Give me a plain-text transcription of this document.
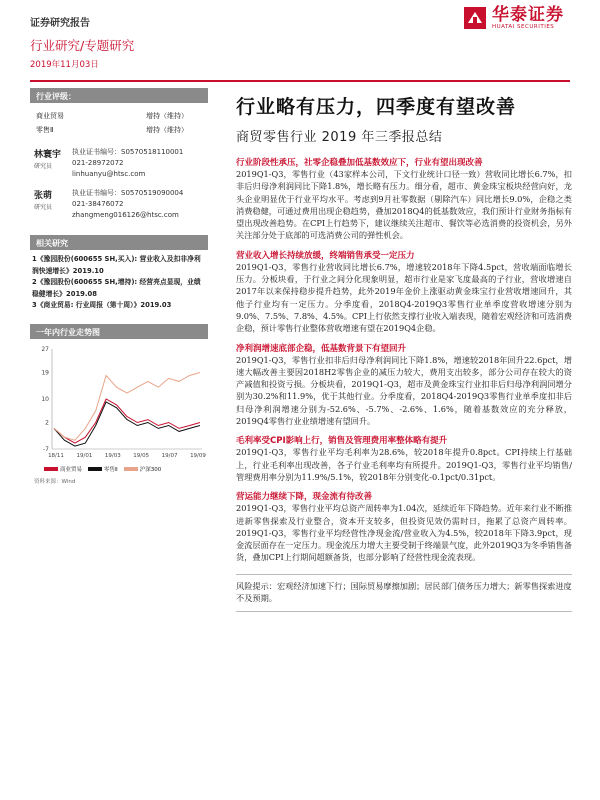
证券研究报告	华泰证券
HUATAI SECURITIES
行业研究/专题研究
2019年11月03日
行业评级：
商业贸易	增持（维持）
零售Ⅱ	增持（维持）
林寰宇
研究员
执业证书编号：S0570518110001
021-28972072
linhuanyu@htsc.com
张萌
研究员
执业证书编号：S0570519090004
021-38476072
zhangmeng016126@htsc.com
相关研究

1《豫园股份(600655 SH,买入): 营业收入及扣非净利润快速增长》2019.10

2《豫园股份(600655 SH,增持): 经营亮点显现，业绩稳健增长》2019.08

3《商业贸易: 行业周报（第十周）》2019.03

一年内行业走势图
-7
2
10
19
27
18/11 19/01 19/03 19/05 19/07 19/09
商业贸易	零售Ⅱ	沪深300
资料来源：Wind
行业略有压力，四季度有望改善
商贸零售行业 2019 年三季报总结
行业阶段性承压，社零企稳叠加低基数效应下，行业有望出现改善
2019Q1-Q3，零售行业（43家样本公司，下文行业统计口径一致）营收同比增长6.7%，扣非后归母净利润同比下降1.8%，增长略有压力。细分看，超市、黄金珠宝板块经营向好，龙头企业明显优于行业平均水平。考虑到9月社零数据（剔除汽车）同比增长9.0%，企稳之类消费稳健，可通过费用出现企稳趋势，叠加2018Q4的低基数效应，我们预计行业财务指标有望出现改善趋势。在CPI上行趋势下，建议继续关注超市、餐饮等必选消费的投资机会，另外关注部分处于底部的可选消费公司的弹性机会。
营业收入增长持续放缓，终端销售承受一定压力
2019Q1-Q3，零售行业营收同比增长6.7%，增速较2018年下降4.5pct，营收端面临增长压力。分板块看，于行业之间分化现象明显，超市行业是家飞度最高的子行业，营收增速自2017年以来保持稳步提升趋势，此外2019年金价上涨驱动黄金珠宝行业营收增速回升，其他子行业均有一定压力。分季度看，2018Q4-2019Q3零售行业单季度营收增速分别为9.0%、7.5%、7.8%、4.5%。CPI上行依然支撑行业收入端表现，随着宏观经济和可选消费企稳，预计零售行业整体营收增速有望在2019Q4企稳。
净利润增速底部企稳，低基数背景下有望回升
2019Q1-Q3，零售行业扣非后归母净利润同比下降1.8%，增速较2018年回升22.6pct，增速大幅改善主要因2018H2零售企业的减压力较大，费用支出较多，部分公司存在较大的资产减值和投资亏损。分板块看，2019Q1-Q3，超市及黄金珠宝行业扣非后归母净利润同增分别为30.2%和11.9%，优于其他行业。分季度看，2018Q4-2019Q3零售行业单季度扣非后归母净利润增速分别为-52.6%、-5.7%、-2.6%、1.6%，随着基数效应的充分释放，2019Q4零售行业业绩增速有望回升。
毛利率受CPI影响上行，销售及管理费用率整体略有提升
2019Q1-Q3，零售行业平均毛利率为28.6%，较2018年提升0.8pct。CPI持续上行基础上，行业毛利率出现改善，各子行业毛利率均有所提升。2019Q1-Q3，零售行业平均销售/管理费用率分别为11.9%/5.1%，较2018年分别变化-0.1pct/0.31pct。
营运能力继续下降，现金流有待改善
2019Q1-Q3，零售行业平均总资产周转率为1.04次，延续近年下降趋势。近年来行业不断推进新零售探索及行业整合，资本开支较多，但投资见效仍需时日，拖累了总资产周转率。2019Q1-Q3，零售行业平均经营性净现金流/营业收入为4.5%，较2018年下降3.9pct，现金流层面存在一定压力。现金流压力增大主要受制于终端景气度，此外2019Q3为冬季销售备货，叠加CPI上行期间超额备货，也部分影响了经营性现金流表现。
风险提示：宏观经济加速下行；国际贸易摩擦加剧；居民部门债务压力增大；新零售探索进度不及预期。
